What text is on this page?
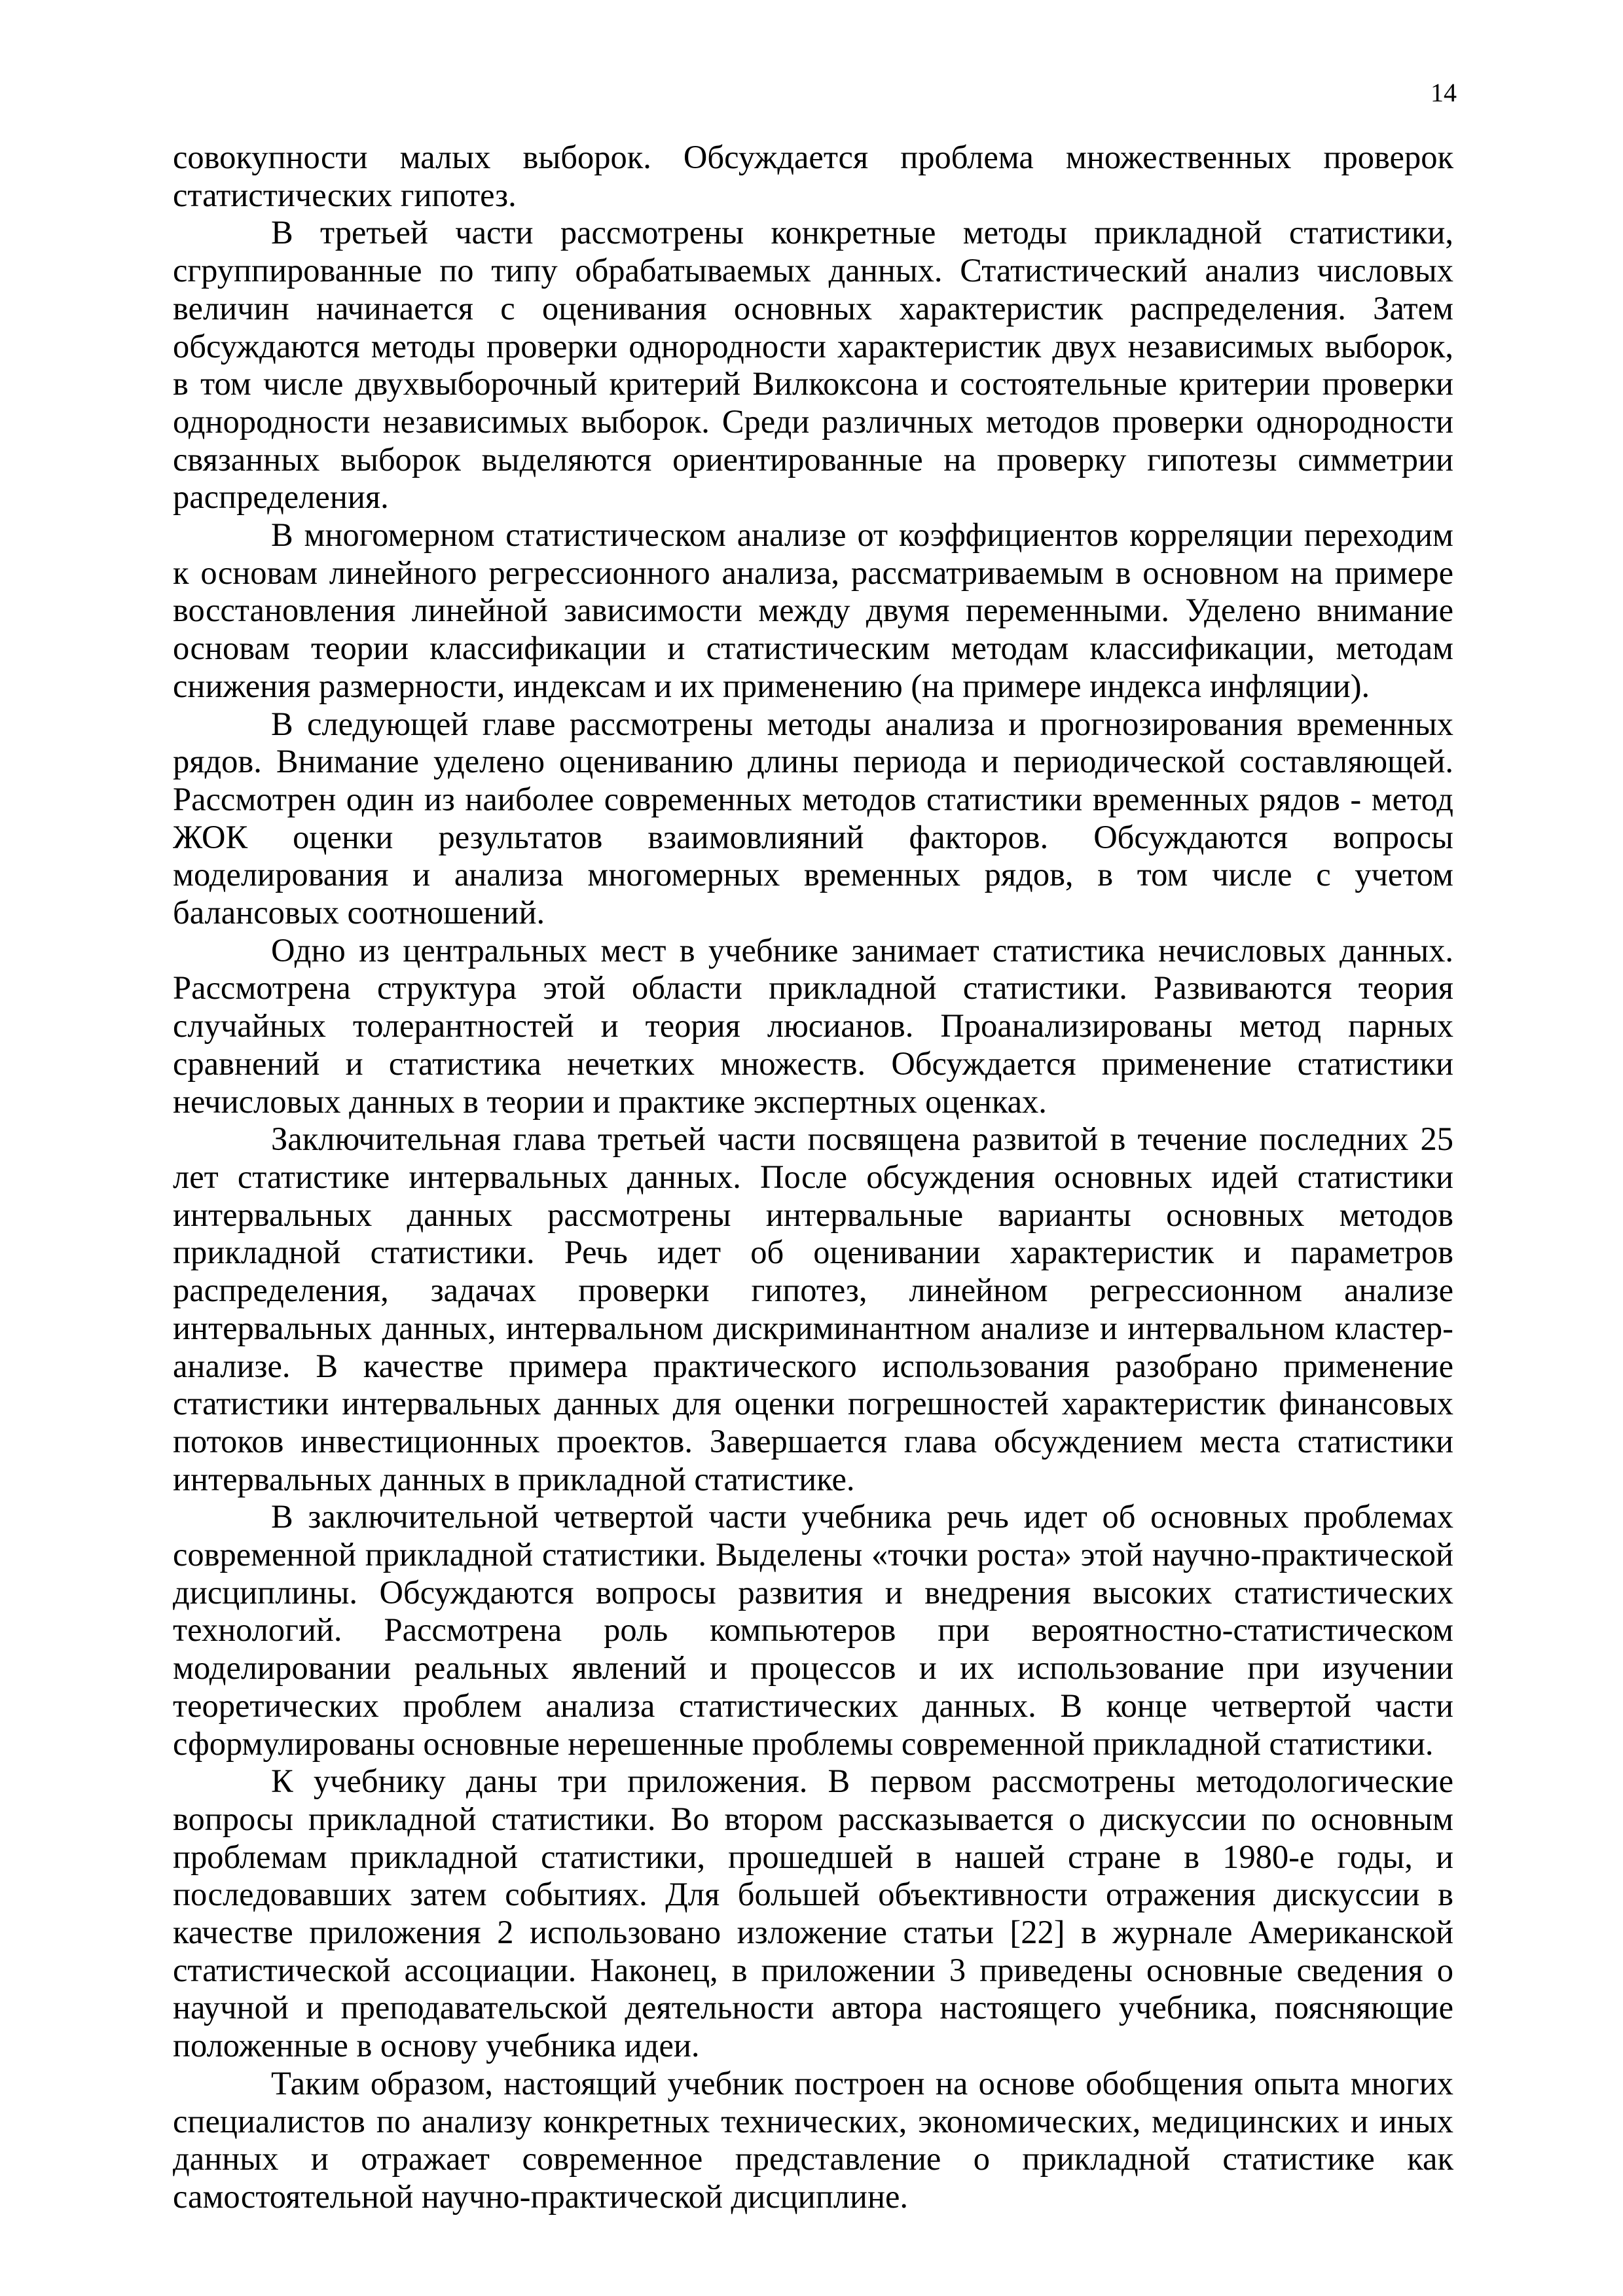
14

совокупности малых выборок. Обсуждается проблема множественных проверок статистических гипотез.

В третьей части рассмотрены конкретные методы прикладной статистики, сгруппированные по типу обрабатываемых данных. Статистический анализ числовых величин начинается с оценивания основных характеристик распределения. Затем обсуждаются методы проверки однородности характеристик двух независимых выборок, в том числе двухвыборочный критерий Вилкоксона и состоятельные критерии проверки однородности независимых выборок. Среди различных методов проверки однородности связанных выборок выделяются ориентированные на проверку гипотезы симметрии распределения.

В многомерном статистическом анализе от коэффициентов корреляции переходим к основам линейного регрессионного анализа, рассматриваемым в основном на примере восстановления линейной зависимости между двумя переменными. Уделено внимание основам теории классификации и статистическим методам классификации, методам снижения размерности, индексам и их применению (на примере индекса инфляции).

В следующей главе рассмотрены методы анализа и прогнозирования временных рядов. Внимание уделено оцениванию длины периода и периодической составляющей. Рассмотрен один из наиболее современных методов статистики временных рядов - метод ЖОК оценки результатов взаимовлияний факторов. Обсуждаются вопросы моделирования и анализа многомерных временных рядов, в том числе с учетом балансовых соотношений.

Одно из центральных мест в учебнике занимает статистика нечисловых данных. Рассмотрена структура этой области прикладной статистики. Развиваются теория случайных толерантностей и теория люсианов. Проанализированы метод парных сравнений и статистика нечетких множеств. Обсуждается применение статистики нечисловых данных в теории и практике экспертных оценках.

Заключительная глава третьей части посвящена развитой в течение последних 25 лет статистике интервальных данных. После обсуждения основных идей статистики интервальных данных рассмотрены интервальные варианты основных методов прикладной статистики. Речь идет об оценивании характеристик и параметров распределения, задачах проверки гипотез, линейном регрессионном анализе интервальных данных, интервальном дискриминантном анализе и интервальном кластер-анализе. В качестве примера практического использования разобрано применение статистики интервальных данных для оценки погрешностей характеристик финансовых потоков инвестиционных проектов. Завершается глава обсуждением места статистики интервальных данных в прикладной статистике.

В заключительной четвертой части учебника речь идет об основных проблемах современной прикладной статистики. Выделены «точки роста» этой научно-практической дисциплины. Обсуждаются вопросы развития и внедрения высоких статистических технологий. Рассмотрена роль компьютеров при вероятностно-статистическом моделировании реальных явлений и процессов и их использование при изучении теоретических проблем анализа статистических данных. В конце четвертой части сформулированы основные нерешенные проблемы современной прикладной статистики.

К учебнику даны три приложения. В первом рассмотрены методологические вопросы прикладной статистики. Во втором рассказывается о дискуссии по основным проблемам прикладной статистики, прошедшей в нашей стране в 1980-е годы, и последовавших затем событиях. Для большей объективности отражения дискуссии в качестве приложения 2 использовано изложение статьи [22] в журнале Американской статистической ассоциации. Наконец, в приложении 3 приведены основные сведения о научной и преподавательской деятельности автора настоящего учебника, поясняющие положенные в основу учебника идеи.

Таким образом, настоящий учебник построен на основе обобщения опыта многих специалистов по анализу конкретных технических, экономических, медицинских и иных данных и отражает современное представление о прикладной статистике как самостоятельной научно-практической дисциплине.
